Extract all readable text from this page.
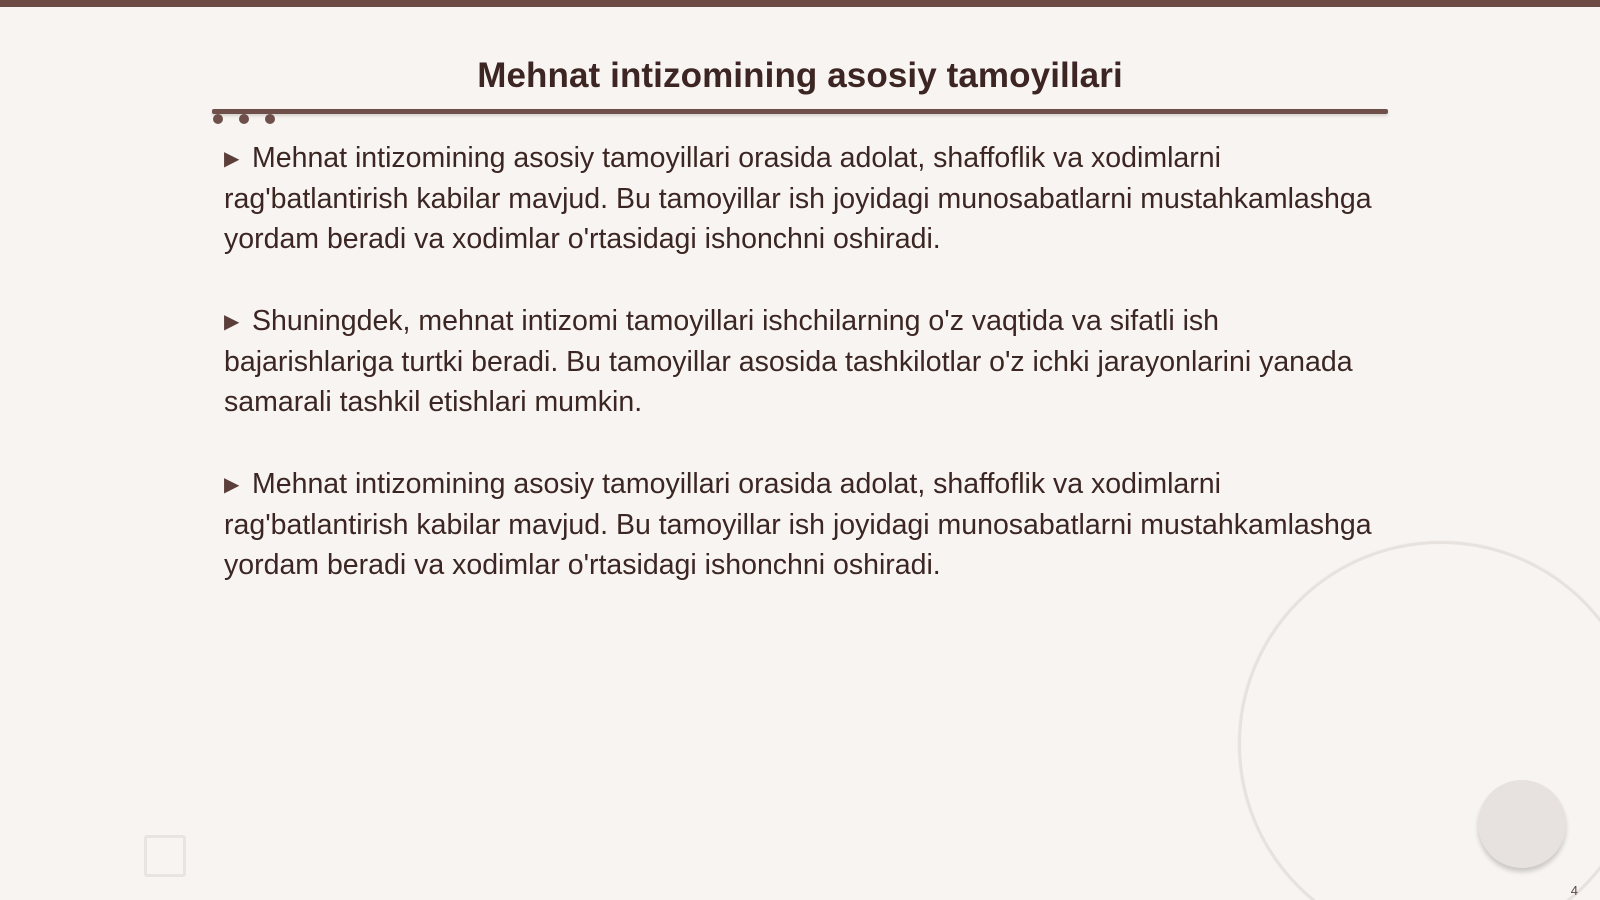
Mehnat intizomining asosiy tamoyillari
▶ Mehnat intizomining asosiy tamoyillari orasida adolat, shaffoflik va xodimlarni rag'batlantirish kabilar mavjud. Bu tamoyillar ish joyidagi munosabatlarni mustahkamlashga yordam beradi va xodimlar o'rtasidagi ishonchni oshiradi.
▶ Shuningdek, mehnat intizomi tamoyillari ishchilarning o'z vaqtida va sifatli ish bajarishlariga turtki beradi. Bu tamoyillar asosida tashkilotlar o'z ichki jarayonlarini yanada samarali tashkil etishlari mumkin.
▶ Mehnat intizomining asosiy tamoyillari orasida adolat, shaffoflik va xodimlarni rag'batlantirish kabilar mavjud. Bu tamoyillar ish joyidagi munosabatlarni mustahkamlashga yordam beradi va xodimlar o'rtasidagi ishonchni oshiradi.
4
